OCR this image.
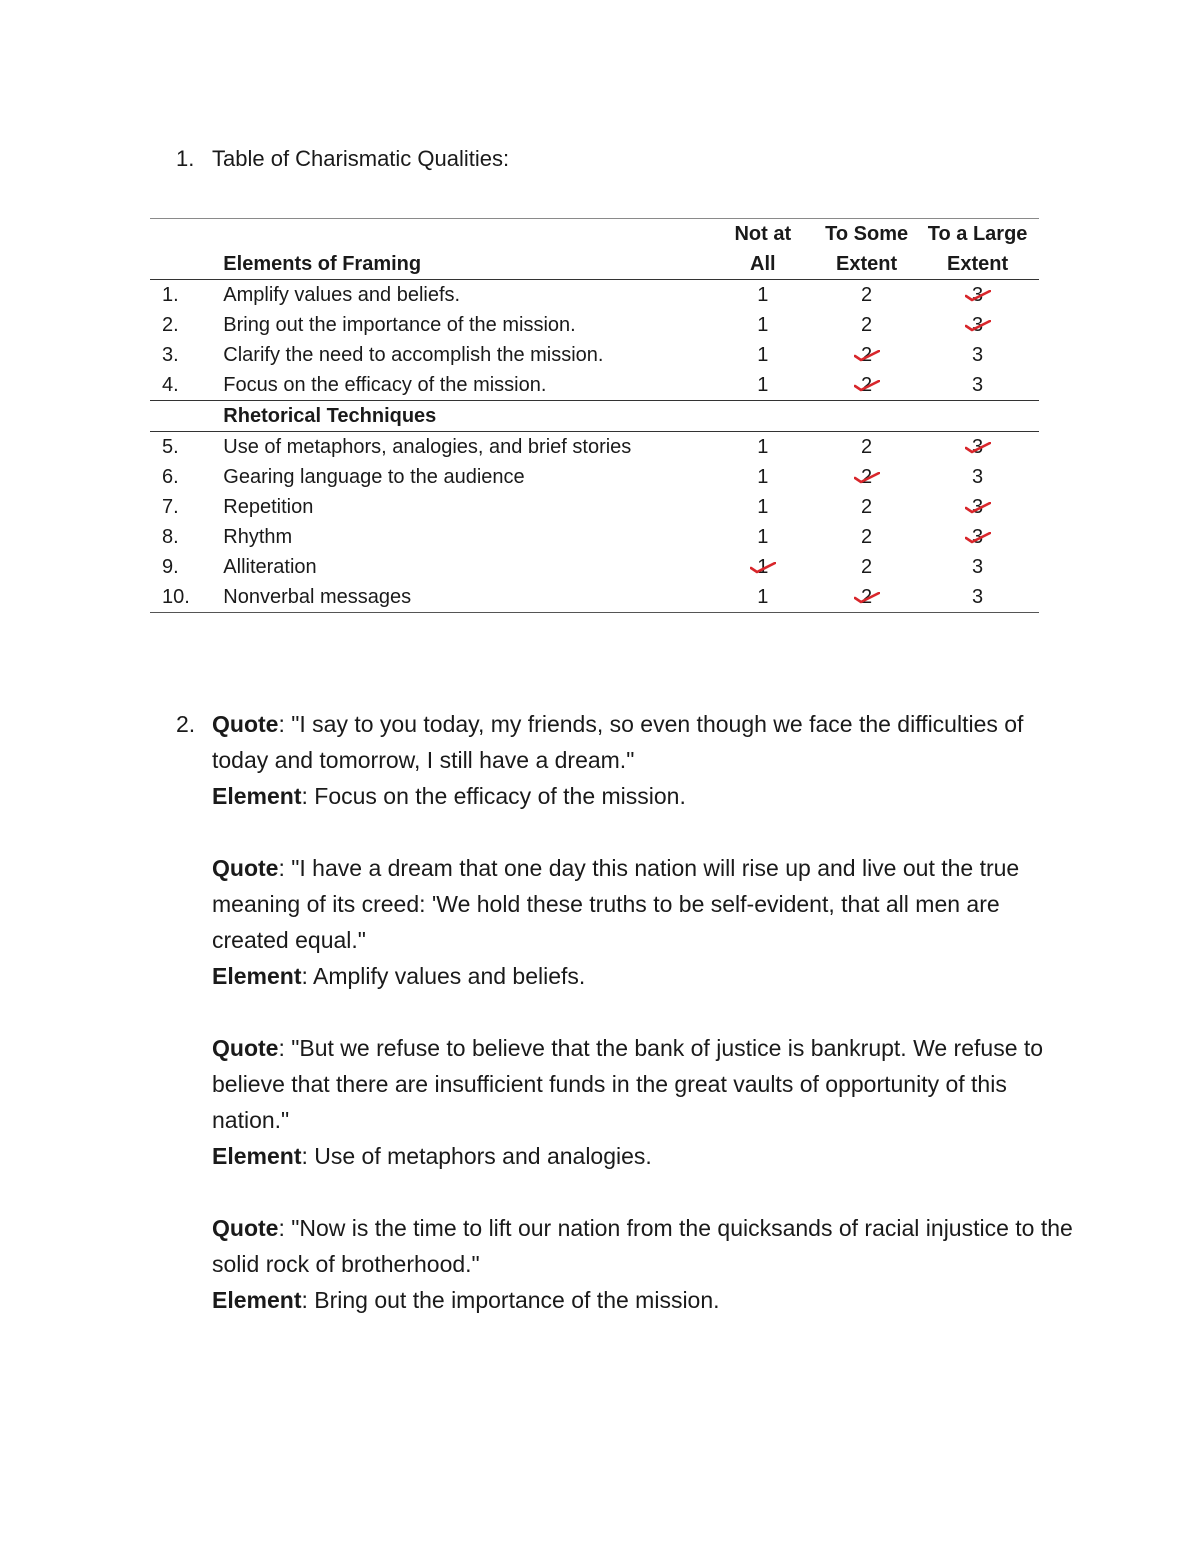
1. Table of Charismatic Qualities:
		Not at	To Some	To a Large
	Elements of Framing	All	Extent	Extent
1.	Amplify values and beliefs.	1	2	3

2.	Bring out the importance of the mission.	1	2	3

3.	Clarify the need to accomplish the mission.	1	2	3
4.	Focus on the efficacy of the mission.	1	2	3
	Rhetorical Techniques			
5.	Use of metaphors, analogies, and brief stories	1	2	3

6.	Gearing language to the audience	1	2	3
7.	Repetition	1	2	3

8.	Rhythm	1	2	3

9.	Alliteration	1	2	3
10.	Nonverbal messages	1	2	3
2. Quote: "I say to you today, my friends, so even though we face the difficulties of today and tomorrow, I still have a dream."
Element: Focus on the efficacy of the mission.
Quote: "I have a dream that one day this nation will rise up and live out the true meaning of its creed: 'We hold these truths to be self-evident, that all men are created equal."
Element: Amplify values and beliefs.
Quote: "But we refuse to believe that the bank of justice is bankrupt. We refuse to believe that there are insufficient funds in the great vaults of opportunity of this nation."
Element: Use of metaphors and analogies.
Quote: "Now is the time to lift our nation from the quicksands of racial injustice to the solid rock of brotherhood."
Element: Bring out the importance of the mission.
